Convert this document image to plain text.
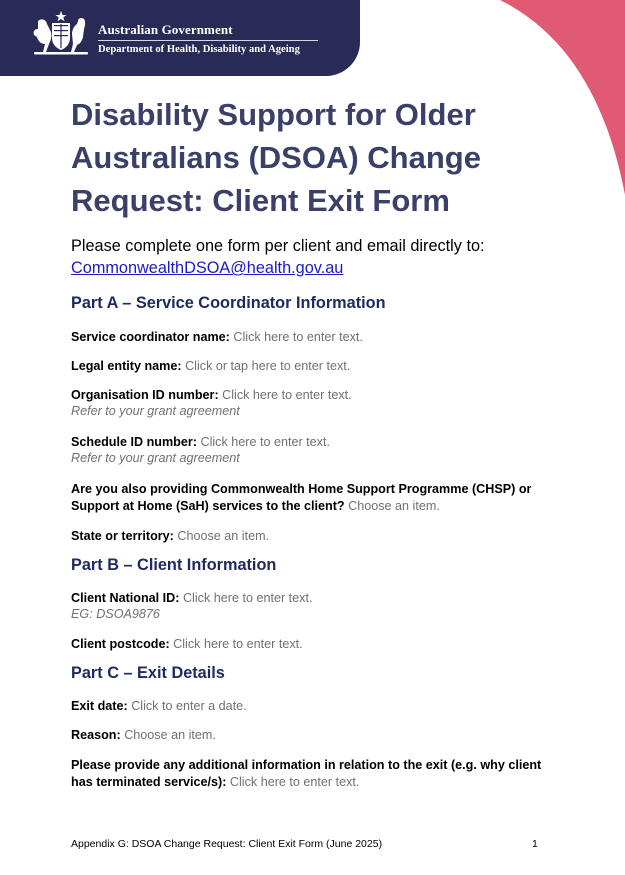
Australian Government
Department of Health, Disability and Ageing
Disability Support for Older
Australians (DSOA) Change
Request: Client Exit Form
Please complete one form per client and email directly to:
CommonwealthDSOA@health.gov.au
Part A – Service Coordinator Information
Service coordinator name: Click here to enter text.
Legal entity name: Click or tap here to enter text.
Organisation ID number: Click here to enter text.
Refer to your grant agreement
Schedule ID number: Click here to enter text.
Refer to your grant agreement
Are you also providing Commonwealth Home Support Programme (CHSP) or
Support at Home (SaH) services to the client? Choose an item.
State or territory: Choose an item.
Part B – Client Information
Client National ID: Click here to enter text.
EG: DSOA9876
Client postcode: Click here to enter text.
Part C – Exit Details
Exit date: Click to enter a date.
Reason: Choose an item.
Please provide any additional information in relation to the exit (e.g. why client
has terminated service/s): Click here to enter text.
Appendix G: DSOA Change Request: Client Exit Form (June 2025)	1
